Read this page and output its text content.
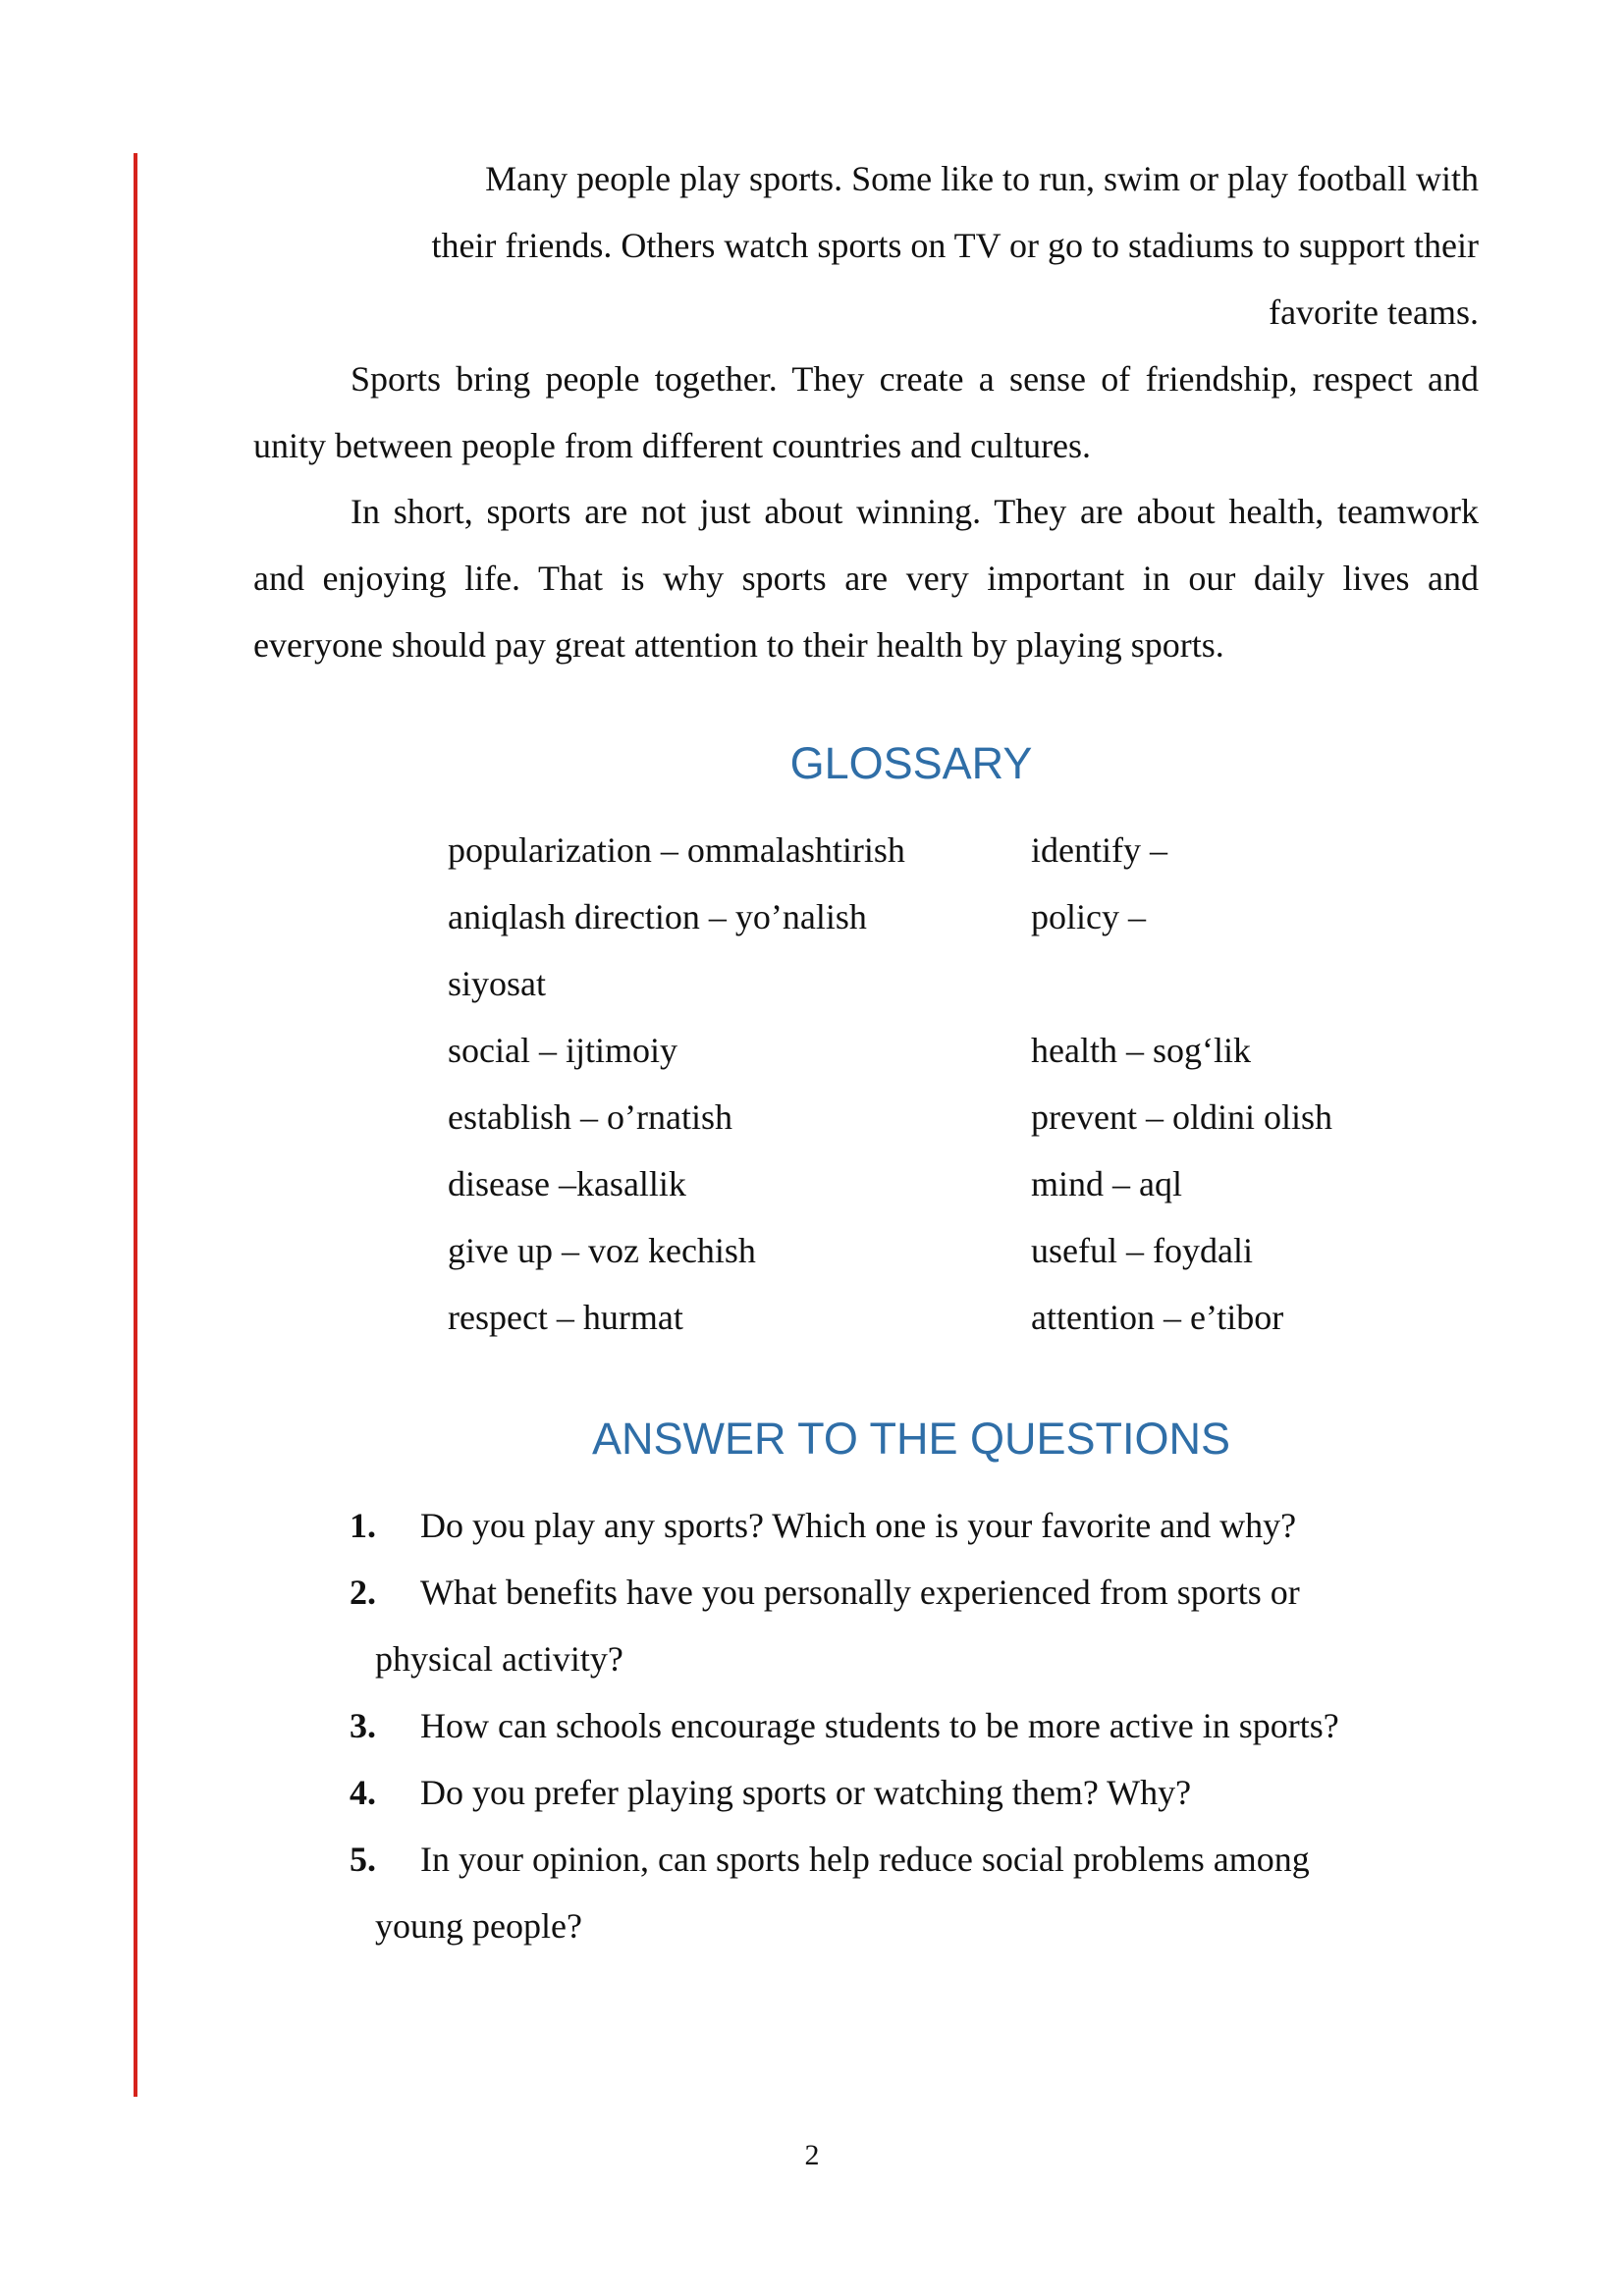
Many people play sports. Some like to run, swim or play football with
their friends. Others watch sports on TV or go to stadiums to support their
favorite teams.
Sports bring people together. They create a sense of friendship, respect and unity between people from different countries and cultures.
In short, sports are not just about winning. They are about health, teamwork and enjoying life. That is why sports are very important in our daily lives and everyone should pay great attention to their health by playing sports.
GLOSSARY
popularization – ommalashtirish	identify –
aniqlash direction – yo’nalish	policy –
siyosat
social – ijtimoiy	health – sog‘lik
establish – o’rnatish	prevent – oldini olish
disease –kasallik	mind – aql
give up – voz kechish	useful – foydali
respect – hurmat	attention – e’tibor
ANSWER TO THE QUESTIONS
1. Do you play any sports? Which one is your favorite and why?
2. What benefits have you personally experienced from sports or
physical activity?
3. How can schools encourage students to be more active in sports?
4. Do you prefer playing sports or watching them? Why?
5. In your opinion, can sports help reduce social problems among
young people?
2
